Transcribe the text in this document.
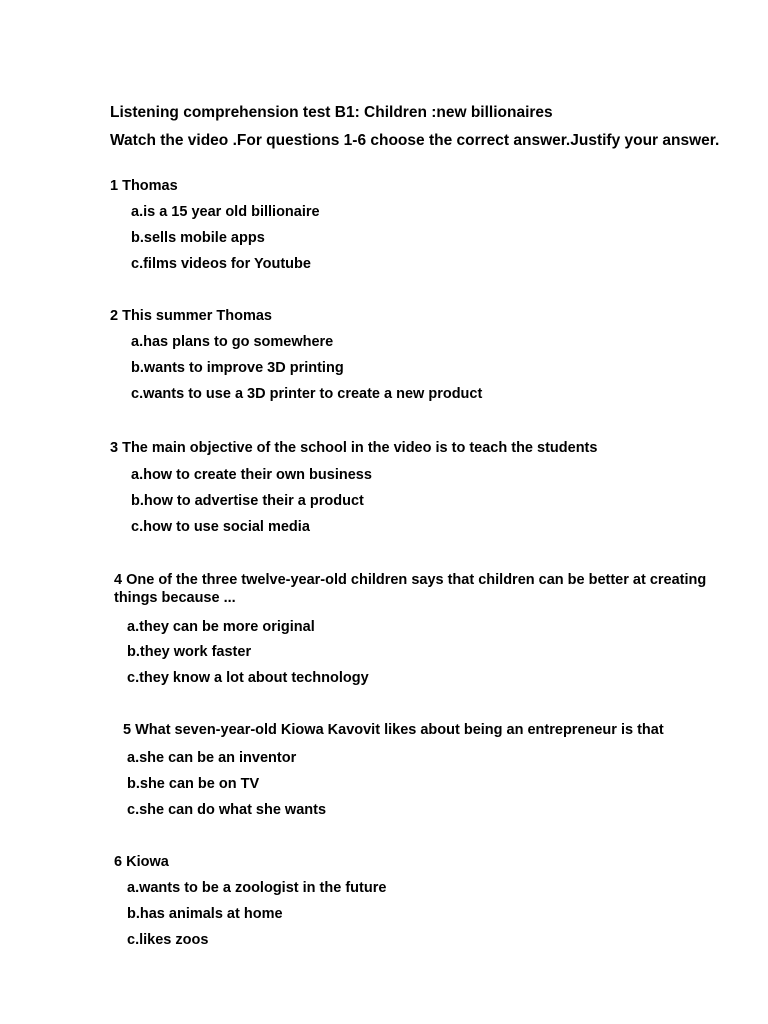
Listening comprehension test B1: Children :new billionaires
Watch the video .For questions 1-6 choose the correct answer.Justify your answer.
1 Thomas
a.is a 15 year old billionaire
b.sells mobile apps
c.films videos for Youtube
2 This summer Thomas
a.has plans to go somewhere
b.wants to improve 3D printing
c.wants to use a 3D printer to create a new product
3 The main objective of the school in the video is to teach the students
a.how to create their own business
b.how to advertise their a product
c.how to use social media
4 One of the three twelve-year-old children says that children can be better at creating things because ...
a.they can be more original
b.they work faster
c.they know a lot about technology
5 What seven-year-old Kiowa Kavovit likes about being an entrepreneur is that
a.she can be an inventor
b.she can be on TV
c.she can do what she wants
6 Kiowa
a.wants to be a zoologist in the future
b.has animals at home
c.likes zoos
